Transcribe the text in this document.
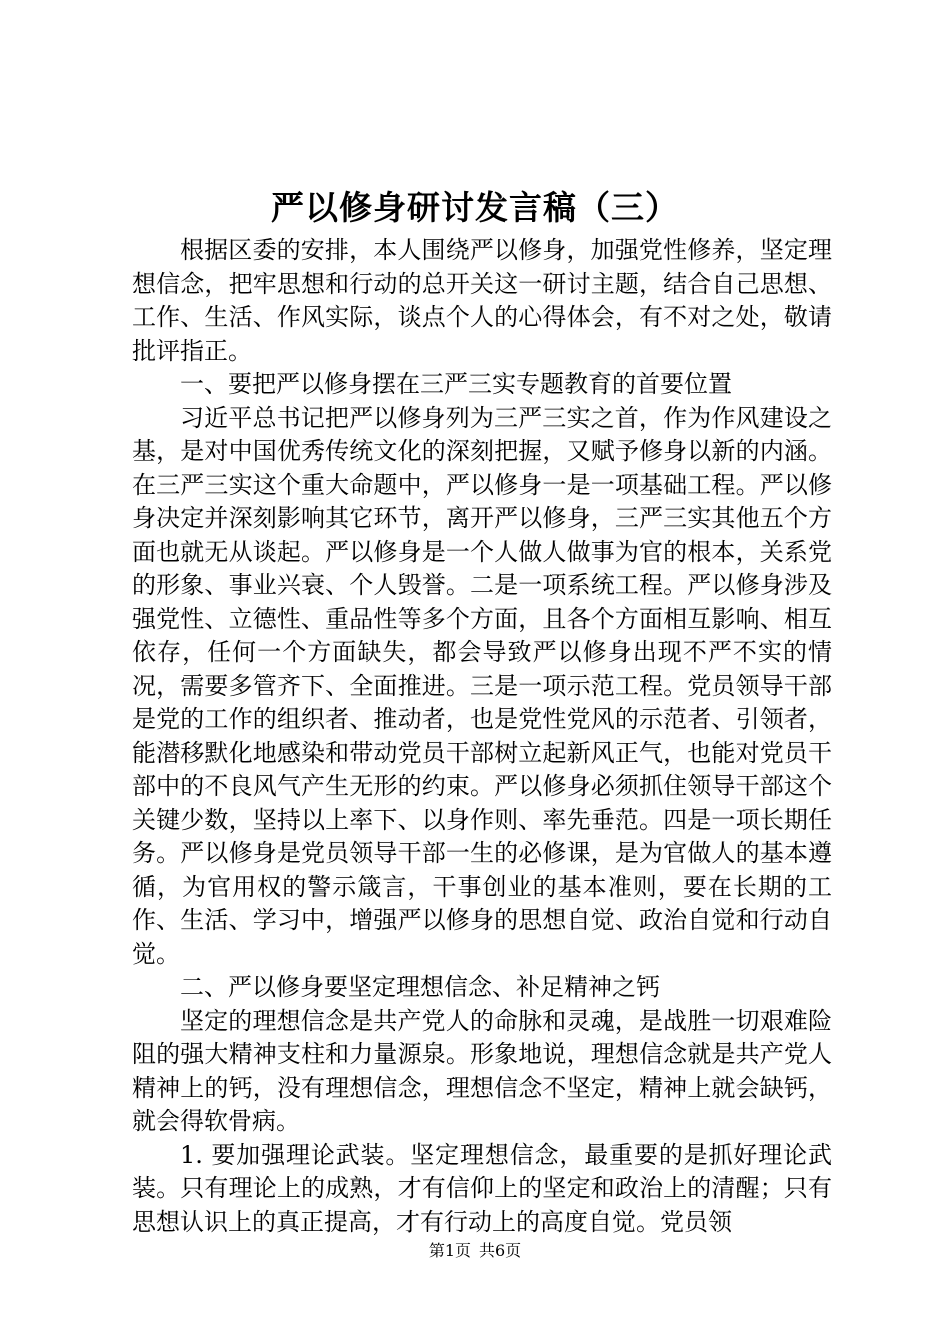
严以修身研讨发言稿（三）

根据区委的安排，本人围绕严以修身，加强党性修养，坚定理想信念，把牢思想和行动的总开关这一研讨主题，结合自己思想、工作、生活、作风实际，谈点个人的心得体会，有不对之处，敬请批评指正。

一、要把严以修身摆在三严三实专题教育的首要位置

习近平总书记把严以修身列为三严三实之首，作为作风建设之基，是对中国优秀传统文化的深刻把握，又赋予修身以新的内涵。在三严三实这个重大命题中，严以修身一是一项基础工程。严以修身决定并深刻影响其它环节，离开严以修身，三严三实其他五个方面也就无从谈起。严以修身是一个人做人做事为官的根本，关系党的形象、事业兴衰、个人毁誉。二是一项系统工程。严以修身涉及强党性、立德性、重品性等多个方面，且各个方面相互影响、相互依存，任何一个方面缺失，都会导致严以修身出现不严不实的情况，需要多管齐下、全面推进。三是一项示范工程。党员领导干部是党的工作的组织者、推动者，也是党性党风的示范者、引领者，能潜移默化地感染和带动党员干部树立起新风正气，也能对党员干部中的不良风气产生无形的约束。严以修身必须抓住领导干部这个关键少数，坚持以上率下、以身作则、率先垂范。四是一项长期任务。严以修身是党员领导干部一生的必修课，是为官做人的基本遵循，为官用权的警示箴言，干事创业的基本准则，要在长期的工作、生活、学习中，增强严以修身的思想自觉、政治自觉和行动自觉。

二、严以修身要坚定理想信念、补足精神之钙

坚定的理想信念是共产党人的命脉和灵魂，是战胜一切艰难险阻的强大精神支柱和力量源泉。形象地说，理想信念就是共产党人精神上的钙，没有理想信念，理想信念不坚定，精神上就会缺钙，就会得软骨病。

1. 要加强理论武装。坚定理想信念，最重要的是抓好理论武装。只有理论上的成熟，才有信仰上的坚定和政治上的清醒；只有思想认识上的真正提高，才有行动上的高度自觉。党员领

第1页 共6页
